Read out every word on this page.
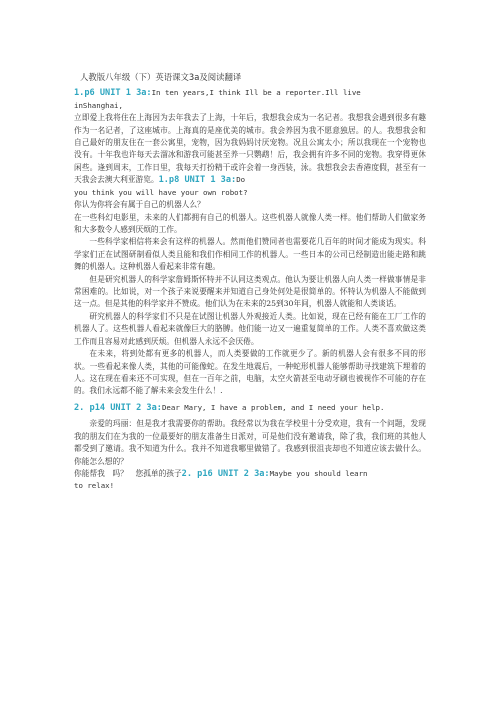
人教版八年级（下）英语课文3a及阅读翻译
1.p6 UNIT 1 3a:In ten years,I think Ill be a reporter.Ill live
inShanghai,

立即爱上我将住在上海因为去年我去了上海，十年后，我想我会成为一名记者。我想我会遇到很多有趣作为一名记者，了这座城市。上海真的是座优美的城市。我会养因为我不愿意独居。的人。我想我会和自己最好的朋友住在一套公寓里，宠物，因为我妈妈讨厌宠物。况且公寓太小；所以我现在一个宠物也没有。十年我也许每天去溜冰和游我可能甚至养一只鹦鹉！后，我会拥有许多不同的宠物。我穿得更休闲些。逢到周末，工作日里，我每天打扮精干或许会着一身西装，泳。我想我会去香港度假，甚至有一天我会去澳大利亚游览。1.p8 UNIT 1 3a:Do

you think you will have your own robot?

你认为你将会有属于自己的机器人么？

在一些科幻电影里，未来的人们都拥有自己的机器人。这些机器人就像人类一样。他们帮助人们做家务和大多数令人感到厌烦的工作。

一些科学家相信将来会有这样的机器人。然而他们赞同者也需要花几百年的时间才能成为现实。科学家们正在试图研制看似人类且能和我们作相同工作的机器人。一些日本的公司已经制造出能走路和跳舞的机器人。这种机器人看起来非常有趣。

但是研究机器人的科学家詹姆斯怀特并不认同这类观点。他认为要让机器人向人类一样做事情是非常困难的。比如说，对一个孩子来说要醒来并知道自己身处何处是很简单的。怀特认为机器人不能做到这一点。但是其他的科学家并不赞成。他们认为在未来的25到30年间，机器人就能和人类谈话。

研究机器人的科学家们不只是在试图让机器人外观接近人类。比如说，现在已经有能在工厂工作的机器人了。这些机器人看起来就像巨大的胳膊。他们能一边又一遍重复简单的工作。人类不喜欢做这类工作而且容易对此感到厌烦。但机器人永远不会厌倦。

在未来，将到处都有更多的机器人，而人类要做的工作就更少了。新的机器人会有很多不同的形状。一些看起来像人类，其他的可能像蛇。在发生地震后，一种蛇形机器人能够帮助寻找建筑下埋着的人。这在现在看来还不可实现，但在一百年之前，电脑，太空火箭甚至电动牙刷也被视作不可能的存在的。我们永远都不能了解未来会发生什么！.

2. p14 UNIT 2 3a:Dear Mary, I have a problem, and I need your help.

亲爱的玛丽：但是我才我需要你的帮助。我经常以为我在学校里十分受欢迎，我有一个问题，发现我的朋友们在为我的一位最要好的朋友准备生日派对，可是他们没有邀请我，除了我，我们班的其他人都受到了邀请。我不知道为什么。我并不知道我哪里做错了。我感到很沮丧却也不知道应该去做什么。你能怎么想的？

你能帮我　吗？　您孤单的孩子2. p16 UNIT 2 3a:Maybe you should learn

to relax!
